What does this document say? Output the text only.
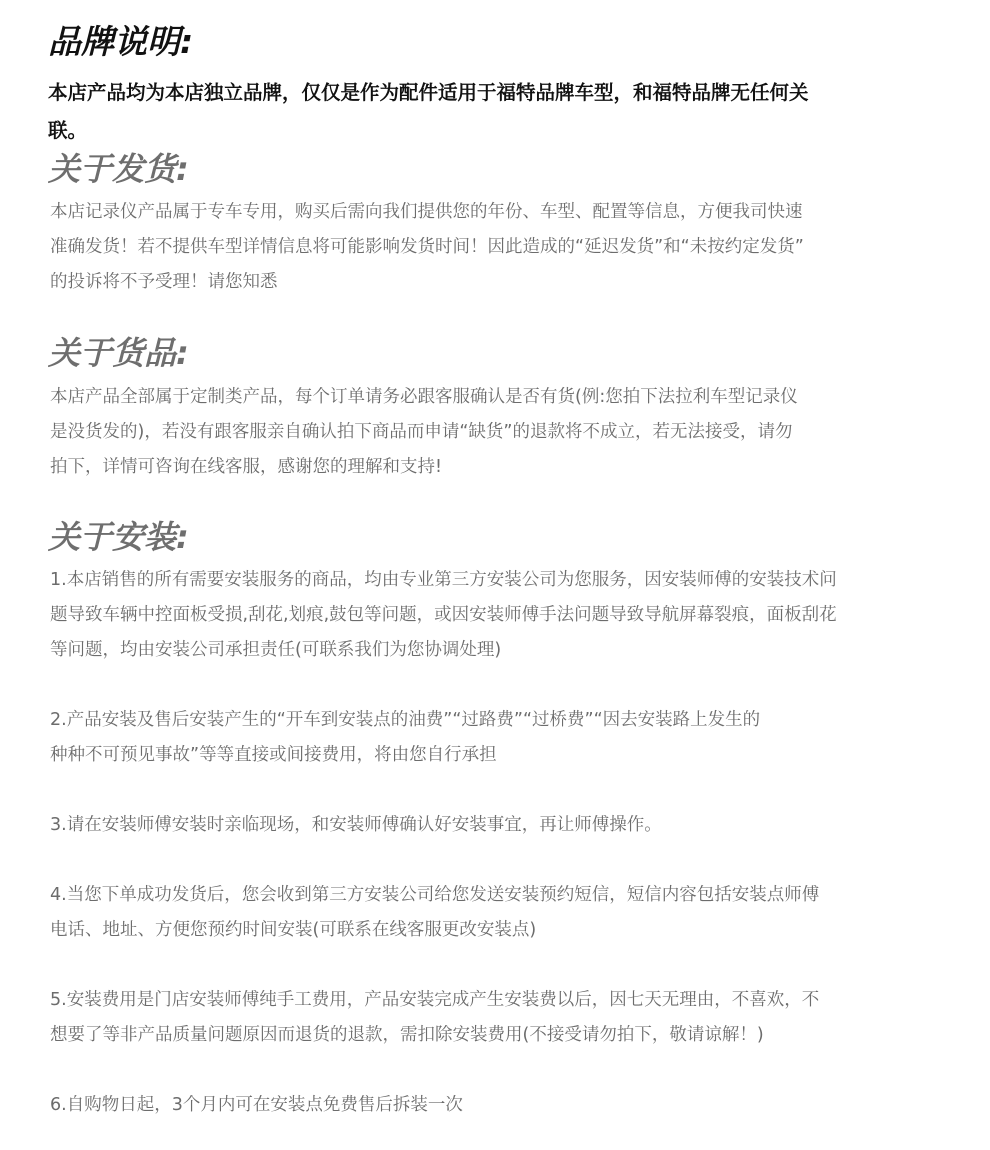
品牌说明:

本店产品均为本店独立品牌，仅仅是作为配件适用于福特品牌车型，和福特品牌无任何关
联。

关于发货:

本店记录仪产品属于专车专用，购买后需向我们提供您的年份、车型、配置等信息，方便我司快速
准确发货！若不提供车型详情信息将可能影响发货时间！因此造成的“延迟发货”和“未按约定发货”
的投诉将不予受理！请您知悉

关于货品:

本店产品全部属于定制类产品，每个订单请务必跟客服确认是否有货(例:您拍下法拉利车型记录仪
是没货发的)，若没有跟客服亲自确认拍下商品而申请“缺货”的退款将不成立，若无法接受，请勿
拍下，详情可咨询在线客服，感谢您的理解和支持!

关于安装:

1.本店销售的所有需要安装服务的商品，均由专业第三方安装公司为您服务，因安装师傅的安装技术问
题导致车辆中控面板受损,刮花,划痕,鼓包等问题，或因安装师傅手法问题导致导航屏幕裂痕，面板刮花
等问题，均由安装公司承担责任(可联系我们为您协调处理)

2.产品安装及售后安装产生的“开车到安装点的油费”“过路费”“过桥费”“因去安装路上发生的
种种不可预见事故”等等直接或间接费用，将由您自行承担

3.请在安装师傅安装时亲临现场，和安装师傅确认好安装事宜，再让师傅操作。

4.当您下单成功发货后，您会收到第三方安装公司给您发送安装预约短信，短信内容包括安装点师傅
电话、地址、方便您预约时间安装(可联系在线客服更改安装点)

5.安装费用是门店安装师傅纯手工费用，产品安装完成产生安装费以后，因七天无理由，不喜欢，不
想要了等非产品质量问题原因而退货的退款，需扣除安装费用(不接受请勿拍下，敬请谅解！)

6.自购物日起，3个月内可在安装点免费售后拆装一次
